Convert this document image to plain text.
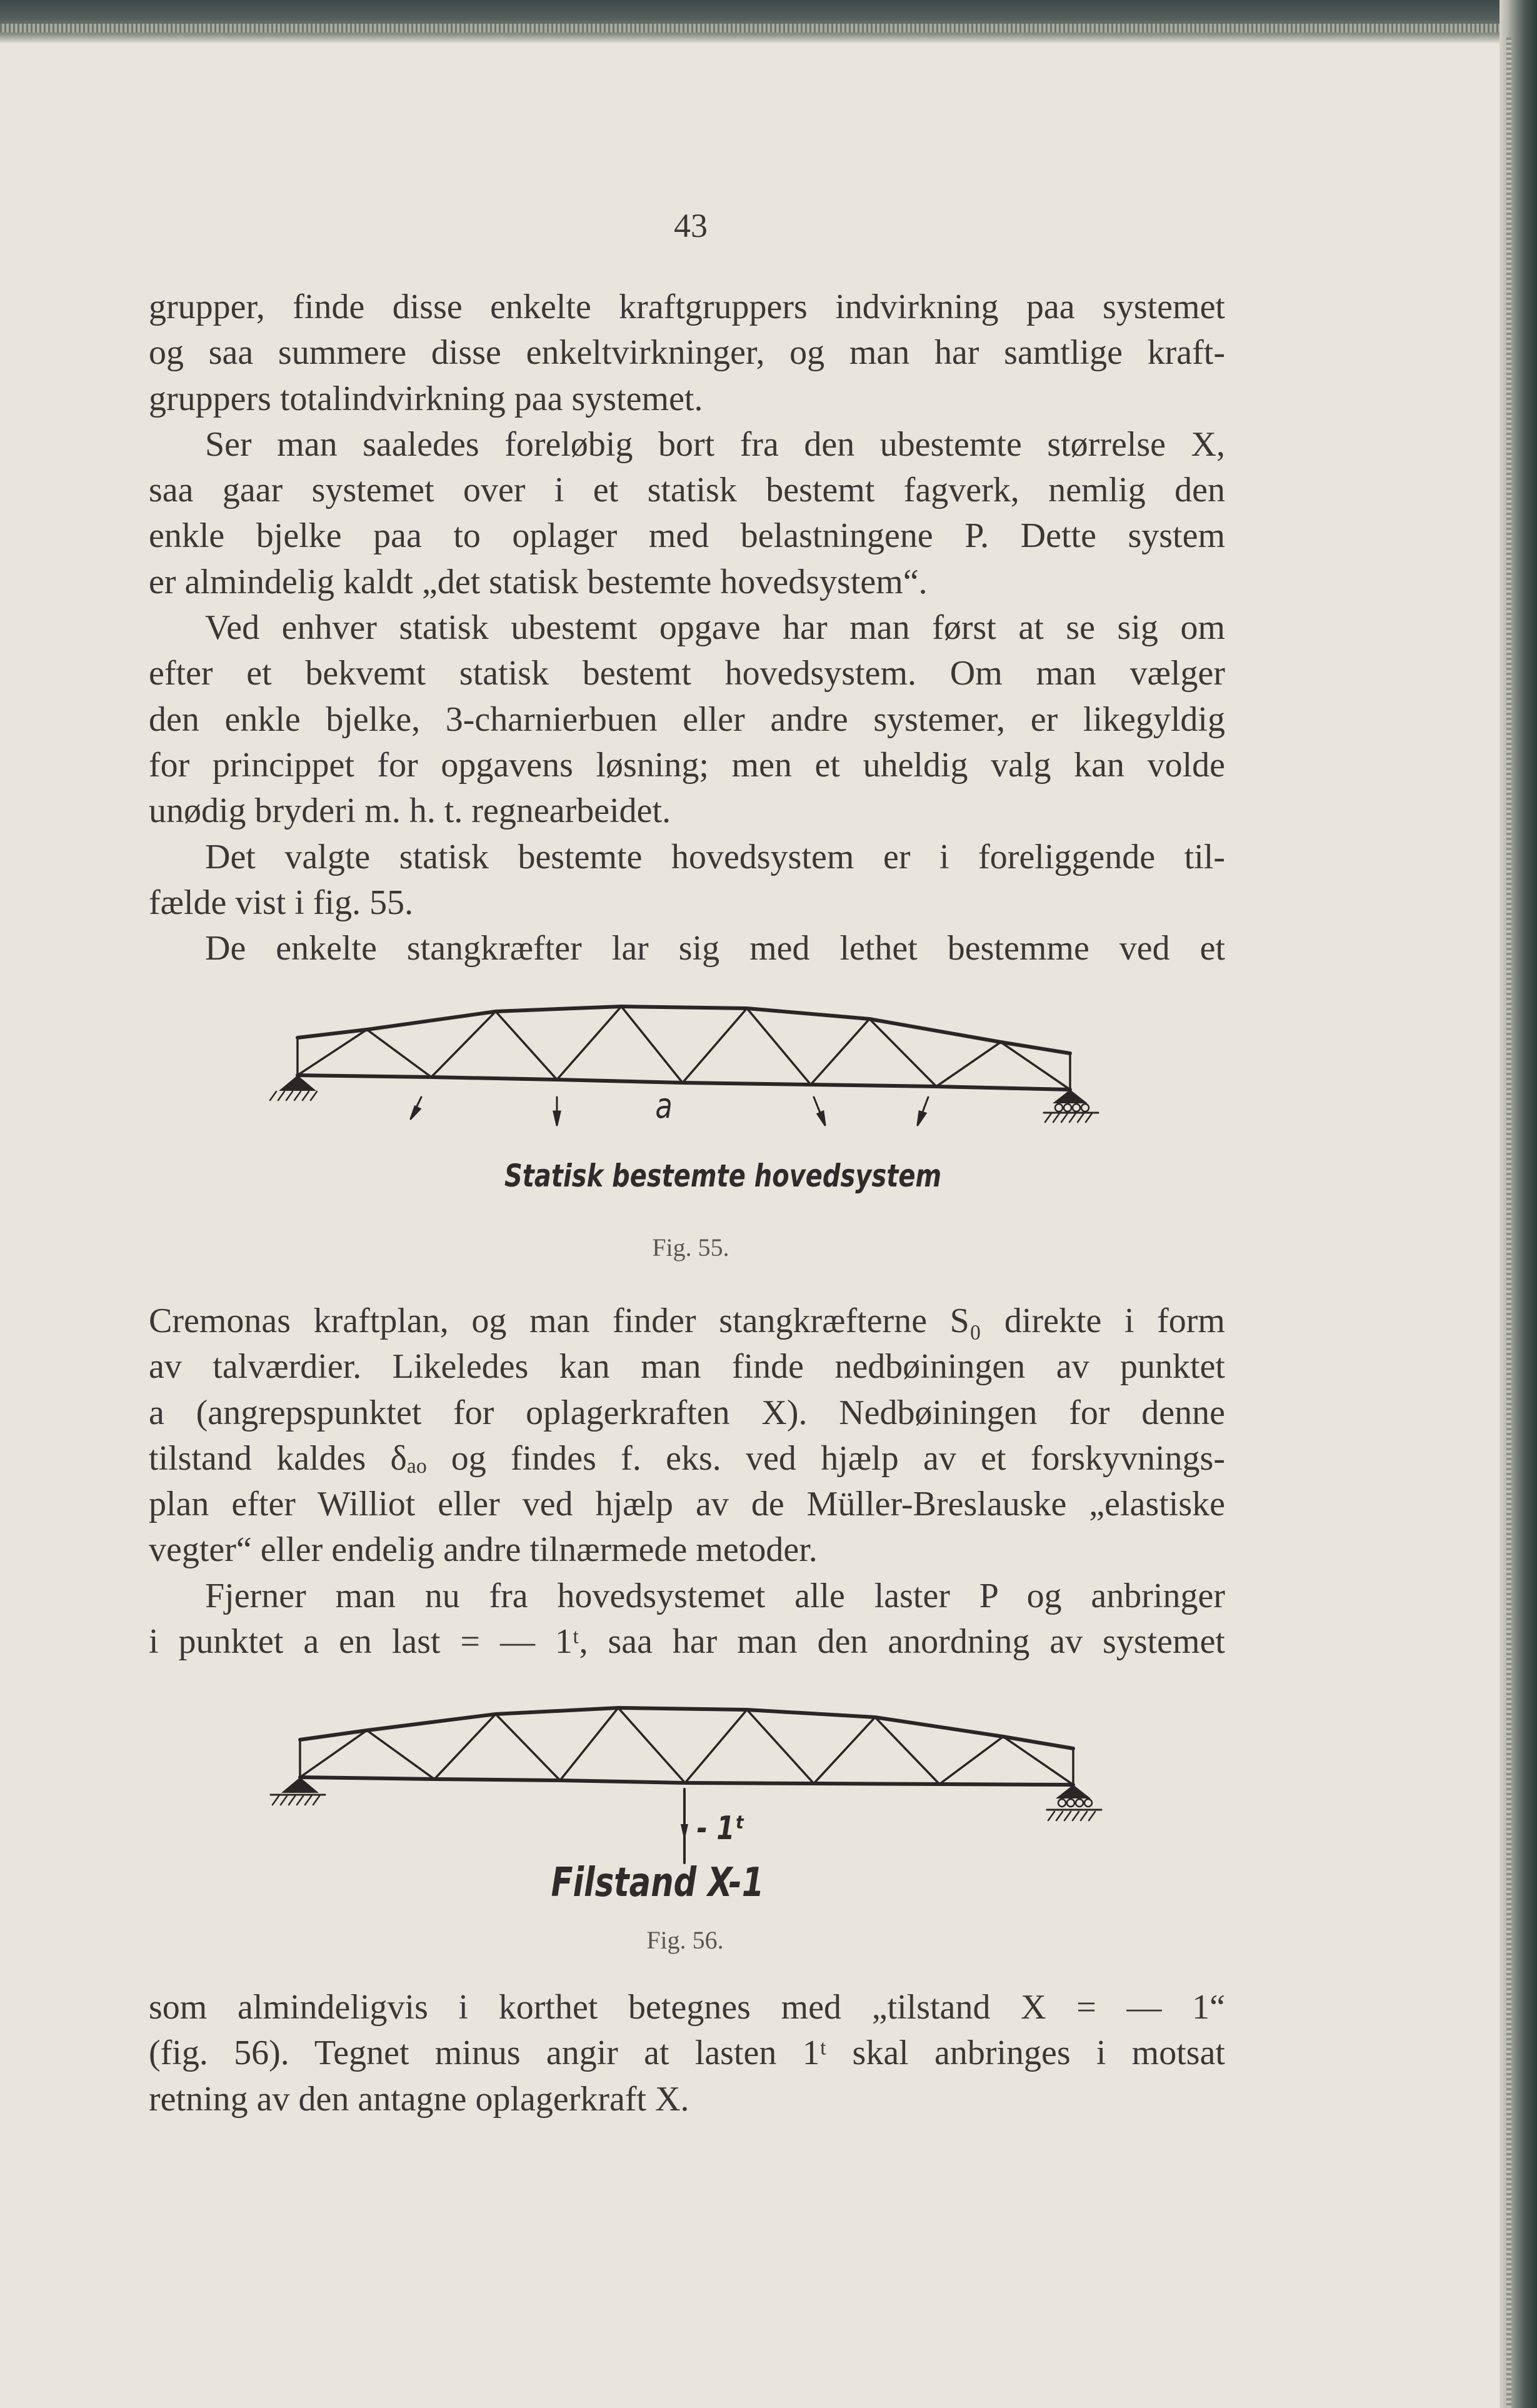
43
grupper, finde disse enkelte kraftgruppers indvirkning paa systemet
og saa summere disse enkeltvirkninger, og man har samtlige kraft-
gruppers totalindvirkning paa systemet.
Ser man saaledes foreløbig bort fra den ubestemte størrelse X,
saa gaar systemet over i et statisk bestemt fagverk, nemlig den
enkle bjelke paa to oplager med belastningene P. Dette system
er almindelig kaldt „det statisk bestemte hovedsystem“.
Ved enhver statisk ubestemt opgave har man først at se sig om
efter et bekvemt statisk bestemt hovedsystem. Om man vælger
den enkle bjelke, 3-charnierbuen eller andre systemer, er likegyldig
for princippet for opgavens løsning; men et uheldig valg kan volde
unødig bryderi m. h. t. regnearbeidet.
Det valgte statisk bestemte hovedsystem er i foreliggende til-
fælde vist i fig. 55.
De enkelte stangkræfter lar sig med lethet bestemme ved et
a
Statisk bestemte hovedsystem
Fig. 55.
Cremonas kraftplan, og man finder stangkræfterne S₀ direkte i form
av talværdier. Likeledes kan man finde nedbøiningen av punktet
a (angrepspunktet for oplagerkraften X). Nedbøiningen for denne
tilstand kaldes δₐₒ og findes f. eks. ved hjælp av et forskyvnings-
plan efter Williot eller ved hjælp av de Müller-Breslauske „elastiske
vegter“ eller endelig andre tilnærmede metoder.
Fjerner man nu fra hovedsystemet alle laster P og anbringer
i punktet a en last = — 1ᵗ, saa har man den anordning av systemet
- 1ᵗ
Filstand X-1
Fig. 56.
som almindeligvis i korthet betegnes med „tilstand X = — 1“
(fig. 56). Tegnet minus angir at lasten 1ᵗ skal anbringes i motsat
retning av den antagne oplagerkraft X.
